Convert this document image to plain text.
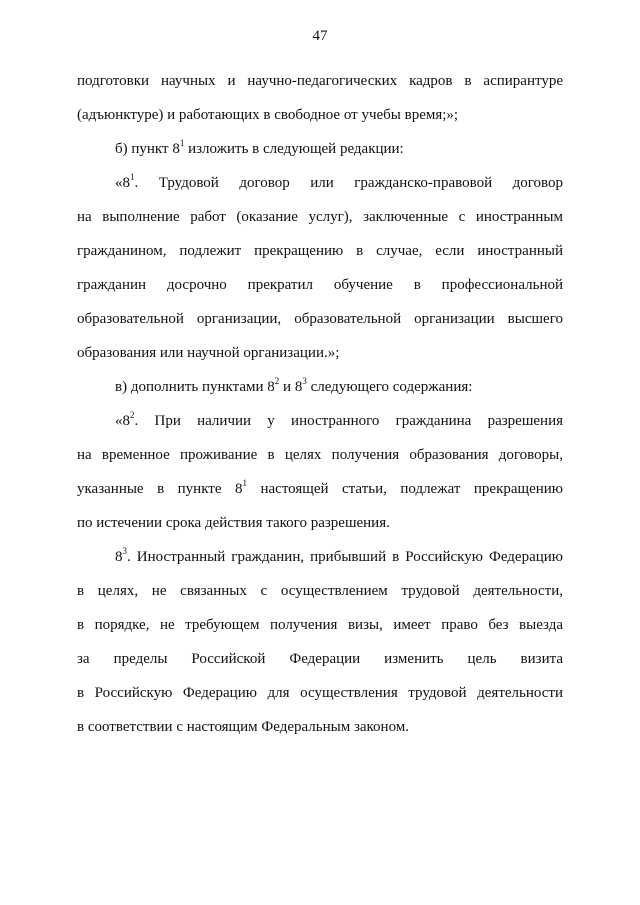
47
подготовки научных и научно-педагогических кадров в аспирантуре
(адъюнктуре) и работающих в свободное от учебы время;»;
б) пункт $8^1$ изложить в следующей редакции:
«$8^1$. Трудовой договор или гражданско-правовой договор
на выполнение работ (оказание услуг), заключенные с иностранным
гражданином, подлежит прекращению в случае, если иностранный
гражданин досрочно прекратил обучение в профессиональной
образовательной организации, образовательной организации высшего
образования или научной организации.»;
в) дополнить пунктами $8^2$ и $8^3$ следующего содержания:
«$8^2$. При наличии у иностранного гражданина разрешения
на временное проживание в целях получения образования договоры,
указанные в пункте $8^1$ настоящей статьи, подлежат прекращению
по истечении срока действия такого разрешения.
$8^3$. Иностранный гражданин, прибывший в Российскую Федерацию
в целях, не связанных с осуществлением трудовой деятельности,
в порядке, не требующем получения визы, имеет право без выезда
за пределы Российской Федерации изменить цель визита
в Российскую Федерацию для осуществления трудовой деятельности
в соответствии с настоящим Федеральным законом.
